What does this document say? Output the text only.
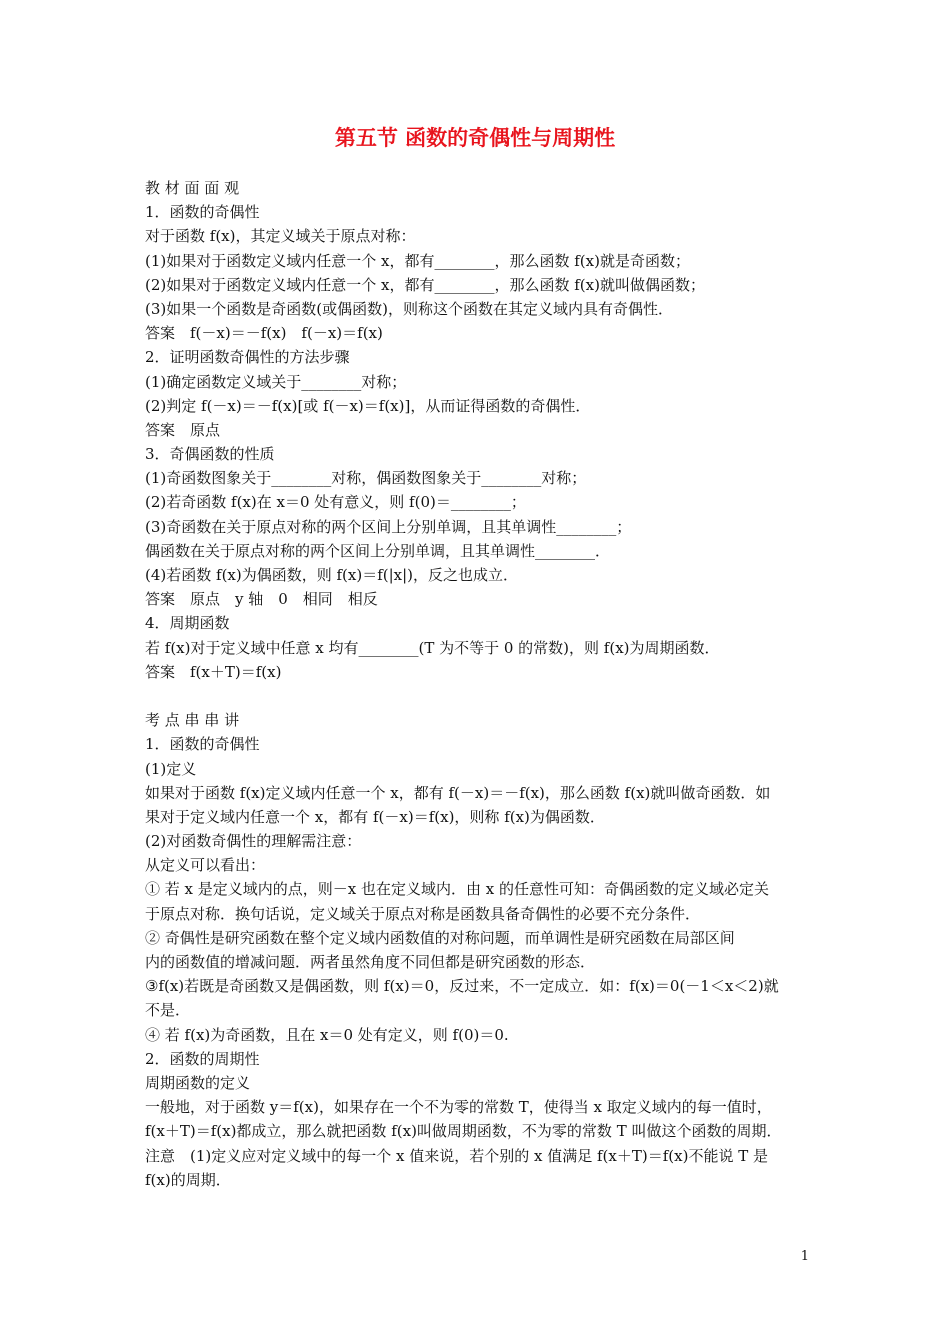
第五节 函数的奇偶性与周期性
教 材 面 面 观
1．函数的奇偶性
对于函数 f(x)，其定义域关于原点对称：
(1)如果对于函数定义域内任意一个 x，都有________，那么函数 f(x)就是奇函数；
(2)如果对于函数定义域内任意一个 x，都有________，那么函数 f(x)就叫做偶函数；
(3)如果一个函数是奇函数(或偶函数)，则称这个函数在其定义域内具有奇偶性．
答案　f(－x)＝－f(x)　f(－x)＝f(x)
2．证明函数奇偶性的方法步骤
(1)确定函数定义域关于________对称；
(2)判定 f(－x)＝－f(x)[或 f(－x)＝f(x)]，从而证得函数的奇偶性．
答案　原点
3．奇偶函数的性质
(1)奇函数图象关于________对称，偶函数图象关于________对称；
(2)若奇函数 f(x)在 x＝0 处有意义，则 f(0)＝________；
(3)奇函数在关于原点对称的两个区间上分别单调，且其单调性________；
偶函数在关于原点对称的两个区间上分别单调，且其单调性________．
(4)若函数 f(x)为偶函数，则 f(x)＝f(|x|)，反之也成立．
答案　原点　y 轴　0　相同　相反
4．周期函数
若 f(x)对于定义域中任意 x 均有________(T 为不等于 0 的常数)，则 f(x)为周期函数．
答案　f(x＋T)＝f(x)
考 点 串 串 讲
1．函数的奇偶性
(1)定义
如果对于函数 f(x)定义域内任意一个 x，都有 f(－x)＝－f(x)，那么函数 f(x)就叫做奇函数．如
果对于定义域内任意一个 x，都有 f(－x)＝f(x)，则称 f(x)为偶函数．
(2)对函数奇偶性的理解需注意：
从定义可以看出：
① 若 x 是定义域内的点，则－x 也在定义域内．由 x 的任意性可知：奇偶函数的定义域必定关
于原点对称．换句话说，定义域关于原点对称是函数具备奇偶性的必要不充分条件．
② 奇偶性是研究函数在整个定义域内函数值的对称问题，而单调性是研究函数在局部区间
内的函数值的增减问题．两者虽然角度不同但都是研究函数的形态．
③f(x)若既是奇函数又是偶函数，则 f(x)＝0，反过来，不一定成立．如：f(x)＝0(－1＜x＜2)就
不是．
④ 若 f(x)为奇函数，且在 x＝0 处有定义，则 f(0)＝0.
2．函数的周期性
周期函数的定义
一般地，对于函数 y＝f(x)，如果存在一个不为零的常数 T，使得当 x 取定义域内的每一值时，
f(x＋T)＝f(x)都成立，那么就把函数 f(x)叫做周期函数，不为零的常数 T 叫做这个函数的周期．
注意　(1)定义应对定义域中的每一个 x 值来说，若个别的 x 值满足 f(x＋T)＝f(x)不能说 T 是
f(x)的周期．
1
